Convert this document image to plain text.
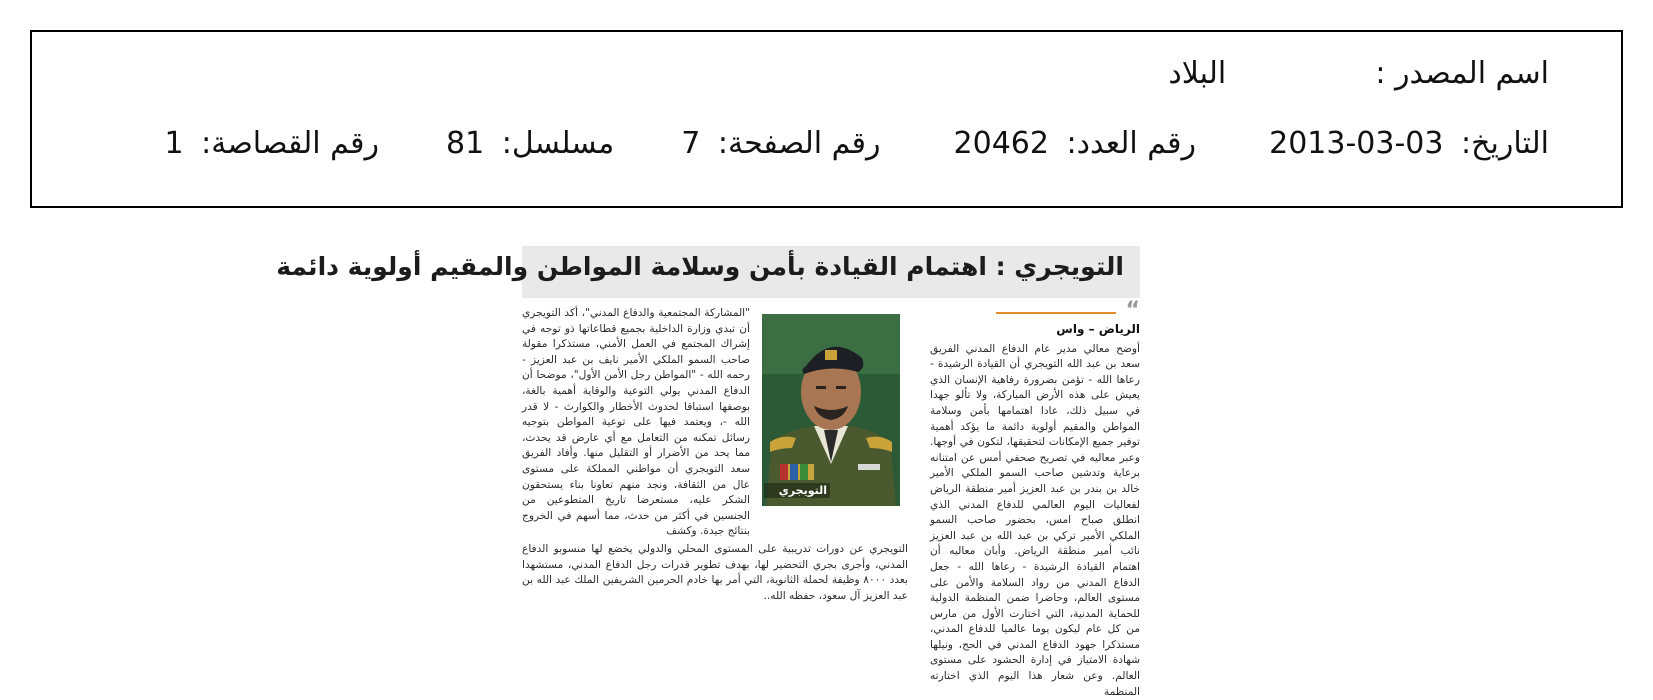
اسم المصدر :  البلاد
التاريخ: 2013-03-03  رقم العدد: 20462  رقم الصفحة: 7  مسلسل: 81  رقم القصاصة: 1
التويجري : اهتمام القيادة بأمن وسلامة المواطن والمقيم أولوية دائمة
“
الرياض – واس
أوضح معالي مدير عام الدفاع المدني الفريق سعد بن عبد الله التويجري أن القيادة الرشيدة - رعاها الله - تؤمن بضرورة رفاهية الإنسان الذي يعيش على هذه الأرض المباركة، ولا تألو جهدا في سبيل ذلك، عادا اهتمامها بأمن وسلامة المواطن والمقيم أولوية دائمة ما يؤكد أهمية توفير جميع الإمكانات لتحقيقها، لتكون في أوجها. وعبر معاليه في تصريح صحفي أمس عن امتنانه برعاية وتدشين صاحب السمو الملكي الأمير خالد بن بندر بن عبد العزيز أمير منطقة الرياض لفعاليات اليوم العالمي للدفاع المدني الذي انطلق صباح امس، بحضور صاحب السمو الملكي الأمير تركي بن عبد الله بن عبد العزيز نائب أمير منطقة الرياض. وأبان معاليه أن اهتمام القيادة الرشيدة - رعاها الله - جعل الدفاع المدني من رواد السلامة والأمن على مستوى العالم، وحاضرا ضمن المنظمة الدولية للحماية المدنية، التي اختارت الأول من مارس من كل عام ليكون يوما عالميا للدفاع المدني، مستذكرا جهود الدفاع المدني في الحج، ونيلها شهادة الامتياز في إدارة الحشود على مستوى العالم. وعن شعار هذا اليوم الذي اختارته المنظمة
التويجري
"المشاركة المجتمعية والدفاع المدني"، أكد التويجري أن تبدي وزارة الداخلية بجميع قطاعاتها ذو توجه في إشراك المجتمع في العمل الأمني، مستذكرا مقولة صاحب السمو الملكي الأمير نايف بن عبد العزيز - رحمه الله - "المواطن رجل الأمن الأول"، موضحا أن الدفاع المدني يولي التوعية والوقاية أهمية بالغة، بوصفها استباقا لحدوث الأخطار والكوارث - لا قدر الله -، ويعتمد فيها على توعية المواطن بتوجيه رسائل تمكنه من التعامل مع أي عارض قد يحدث، مما يحد من الأضرار أو التقليل منها. وأفاد الفريق سعد التويجري أن مواطني المملكة على مستوى عال من الثقافة، ونجد منهم تعاونا بناء يستحقون الشكر عليه، مستعرضا تاريخ المتطوعين من الجنسين في أكثر من حدث، مما أسهم في الخروج بنتائج جيدة. وكشف
التويجري عن دورات تدريبية على المستوى المحلي والدولي يخضع لها منسوبو الدفاع المدني، وأجرى بجري التحضير لها، بهدف تطوير قدرات رجل الدفاع المدني، مستشهدا بعدد ٨٠٠٠ وظيفة لحملة الثانوية، التي أمر بها خادم الحرمين الشريفين الملك عبد الله بن عبد العزيز آل سعود، حفظه الله..
